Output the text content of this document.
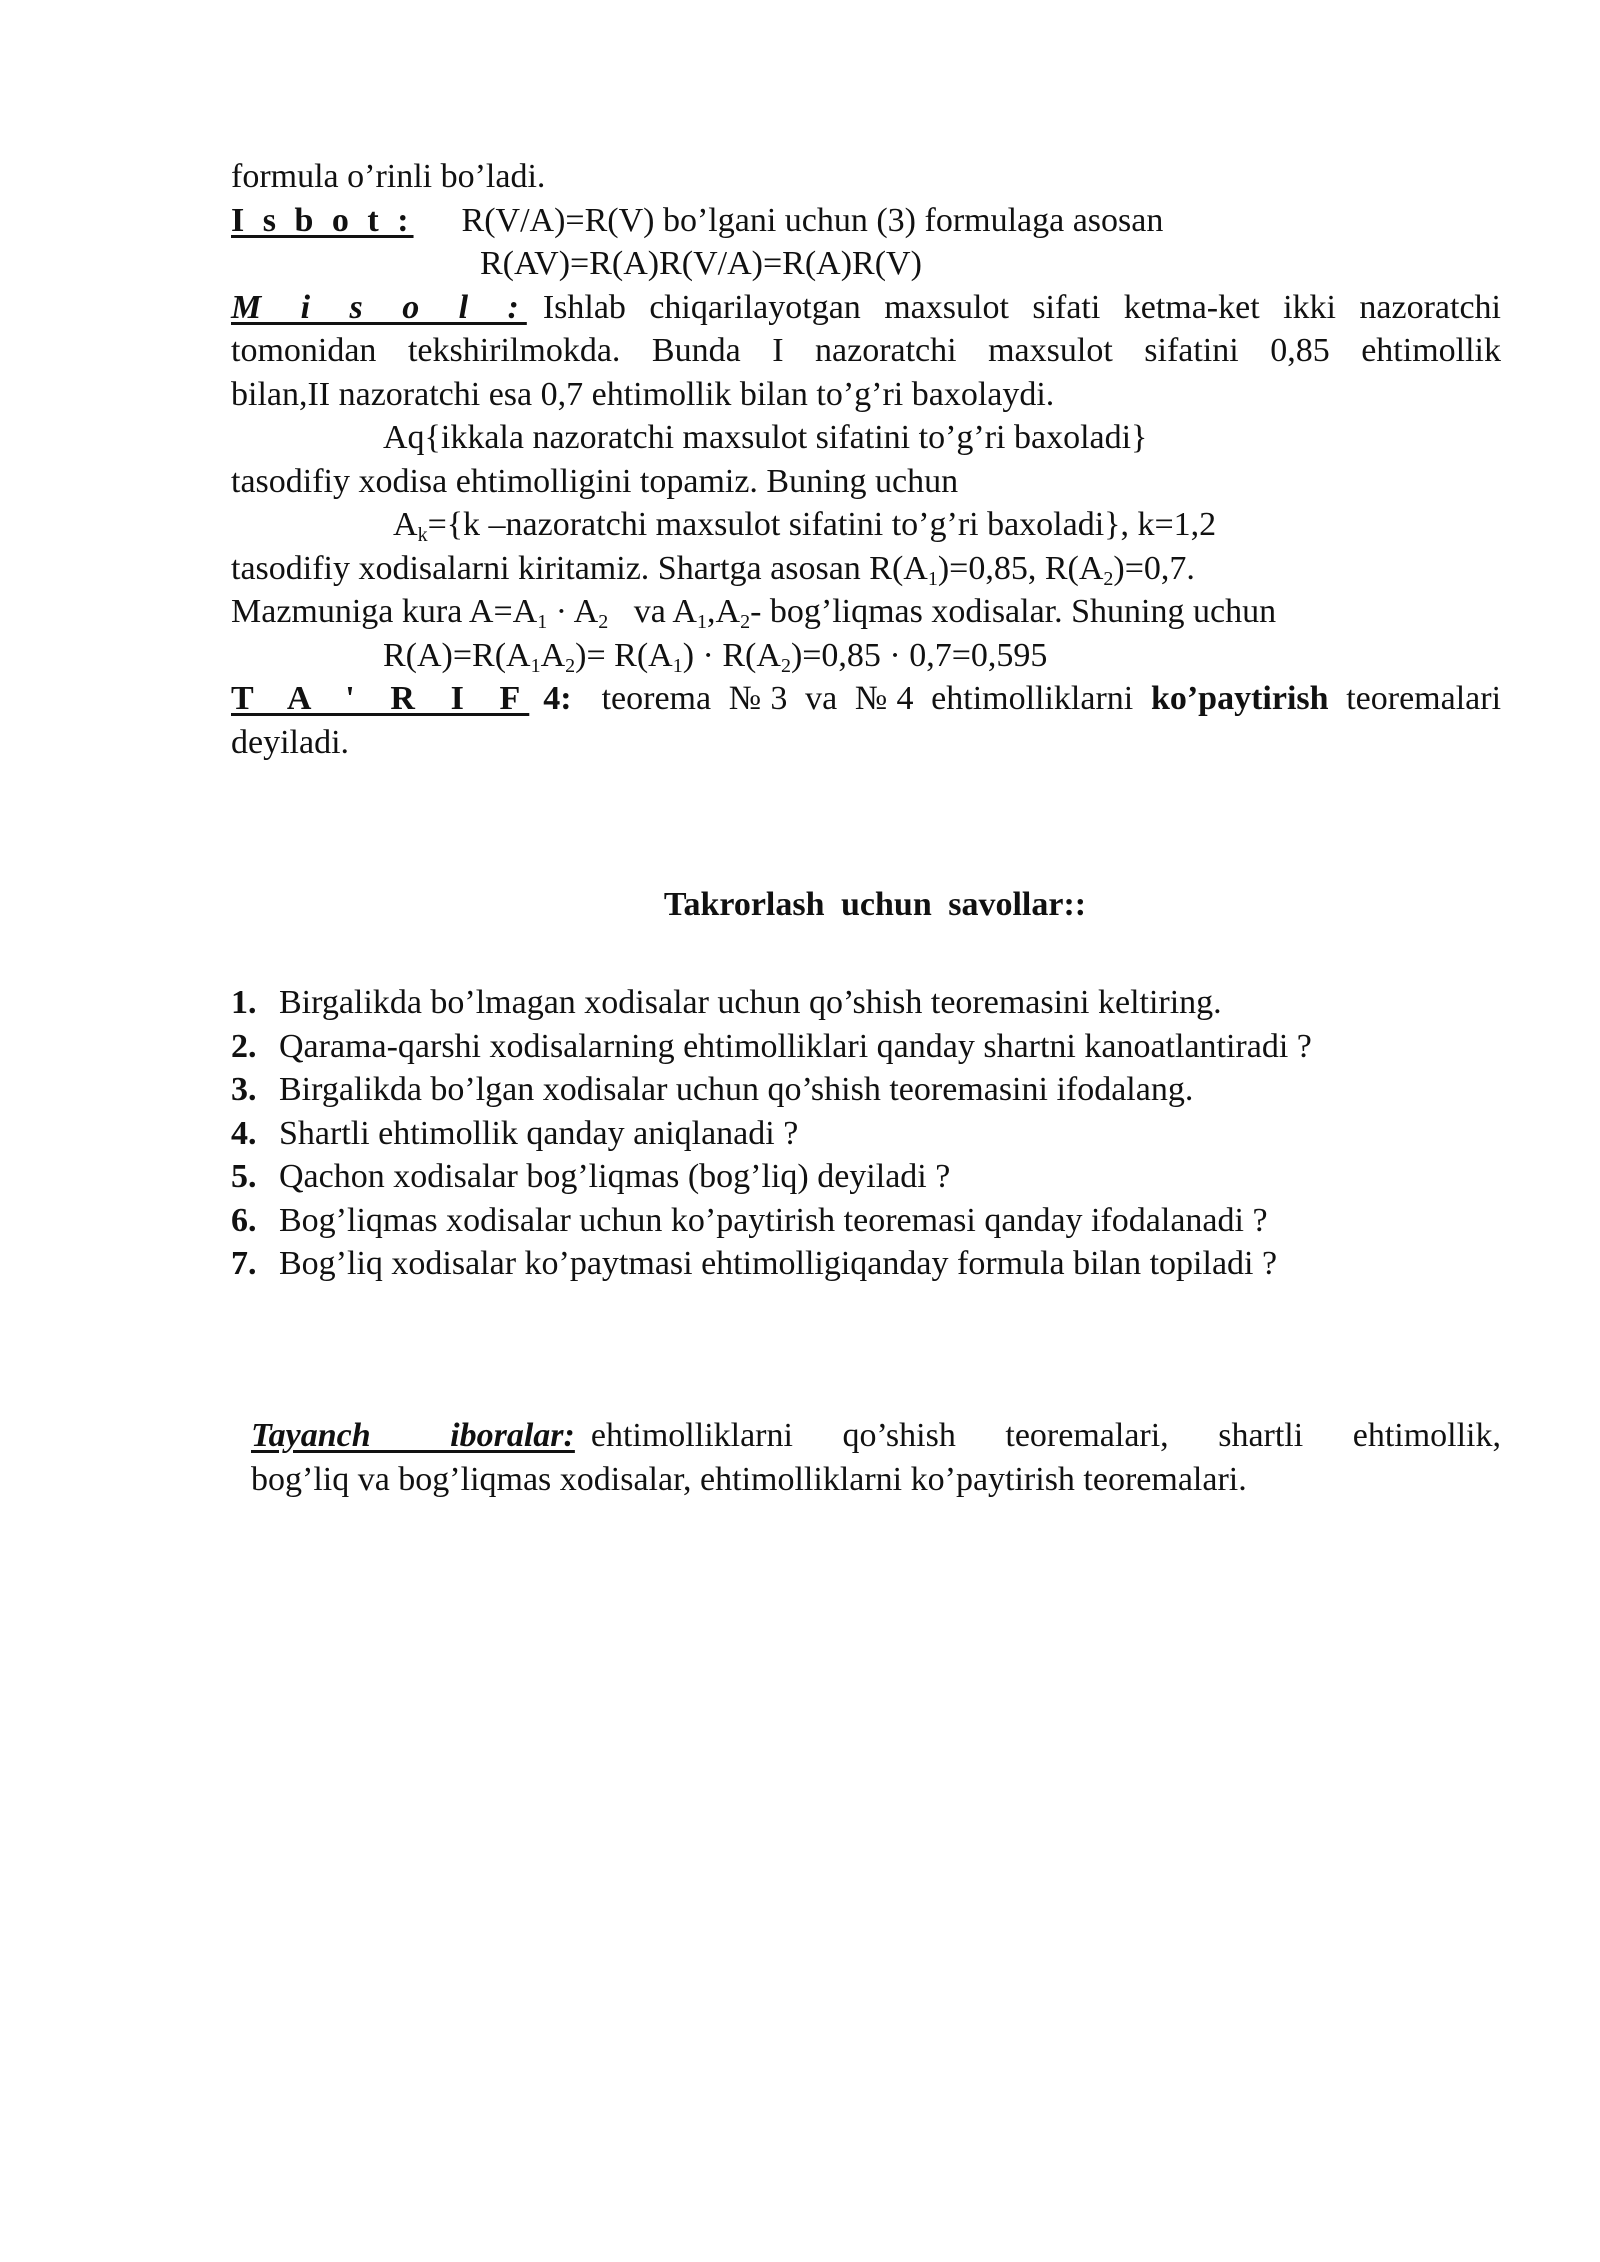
formula o’rinli bo’ladi.
I s b o t : R(V/A)=R(V) bo’lgani uchun (3) formulaga asosan
R(AV)=R(A)R(V/A)=R(A)R(V)
M i s o l : Ishlab chiqarilayotgan maxsulot sifati ketma-ket ikki nazoratchi
tomonidan tekshirilmokda. Bunda I nazoratchi maxsulot sifatini 0,85 ehtimollik
bilan,II nazoratchi esa 0,7 ehtimollik bilan to’g’ri baxolaydi.
Aq{ikkala nazoratchi maxsulot sifatini to’g’ri baxoladi}
tasodifiy xodisa ehtimolligini topamiz. Buning uchun
$A_k=\{k$ –nazoratchi maxsulot sifatini to’g’ri baxoladi}, k=1,2
tasodifiy xodisalarni kiritamiz. Shartga asosan $R(A_1)=0,85$, $R(A_2)=0,7$.
Mazmuniga kura $A=A_1 \cdot A_2$   va $A_1,A_2-$ bog’liqmas xodisalar. Shuning uchun
$R(A)=R(A_1A_2)= R(A_1) \cdot R(A_2)=0,85 \cdot 0,7=0,595$
T A ' R I F 4: teorema №3 va №4 ehtimolliklarni ko’paytirish teoremalari
deyiladi.
Takrorlash uchun savollar::
1. Birgalikda bo’lmagan xodisalar uchun qo’shish teoremasini keltiring.
2. Qarama-qarshi xodisalarning ehtimolliklari qanday shartni kanoatlantiradi ?
3. Birgalikda bo’lgan xodisalar uchun qo’shish teoremasini ifodalang.
4. Shartli ehtimollik qanday aniqlanadi ?
5. Qachon xodisalar bog’liqmas (bog’liq) deyiladi ?
6. Bog’liqmas xodisalar uchun ko’paytirish teoremasi qanday ifodalanadi ?
7. Bog’liq xodisalar ko’paytmasi ehtimolligiqanday formula bilan topiladi ?
Tayanch iboralar: ehtimolliklarni qo’shish teoremalari, shartli ehtimollik,
bog’liq va bog’liqmas xodisalar, ehtimolliklarni ko’paytirish teoremalari.
